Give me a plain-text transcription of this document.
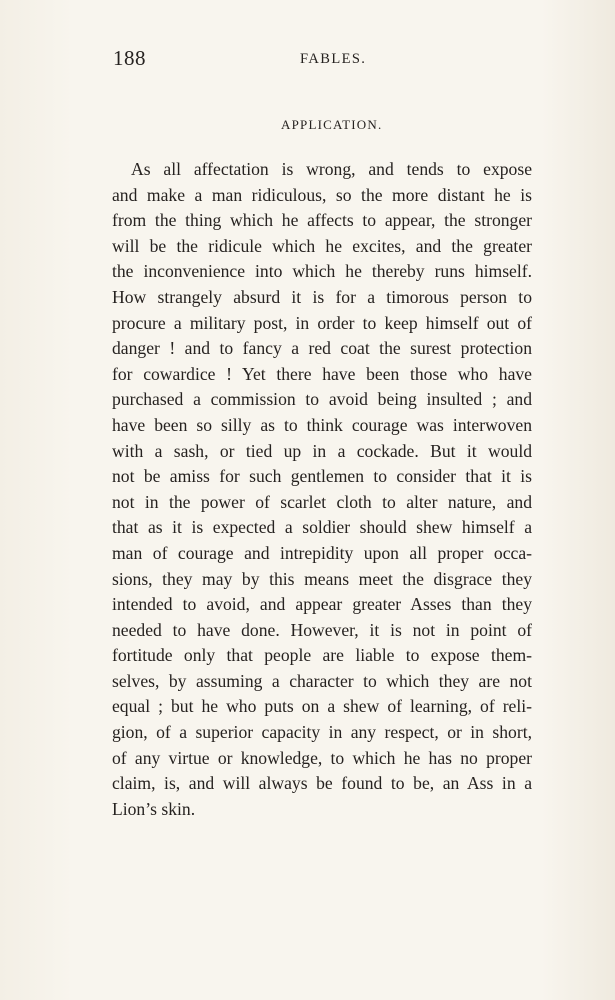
188	FABLES.
APPLICATION.
As all affectation is wrong, and tends to expose
and make a man ridiculous, so the more distant he is
from the thing which he affects to appear, the stronger
will be the ridicule which he excites, and the greater
the inconvenience into which he thereby runs himself.
How strangely absurd it is for a timorous person to
procure a military post, in order to keep himself out of
danger ! and to fancy a red coat the surest protection
for cowardice ! Yet there have been those who have
purchased a commission to avoid being insulted ; and
have been so silly as to think courage was interwoven
with a sash, or tied up in a cockade. But it would
not be amiss for such gentlemen to consider that it is
not in the power of scarlet cloth to alter nature, and
that as it is expected a soldier should shew himself a
man of courage and intrepidity upon all proper occa-
sions, they may by this means meet the disgrace they
intended to avoid, and appear greater Asses than they
needed to have done. However, it is not in point of
fortitude only that people are liable to expose them-
selves, by assuming a character to which they are not
equal ; but he who puts on a shew of learning, of reli-
gion, of a superior capacity in any respect, or in short,
of any virtue or knowledge, to which he has no proper
claim, is, and will always be found to be, an Ass in a
Lion’s skin.
